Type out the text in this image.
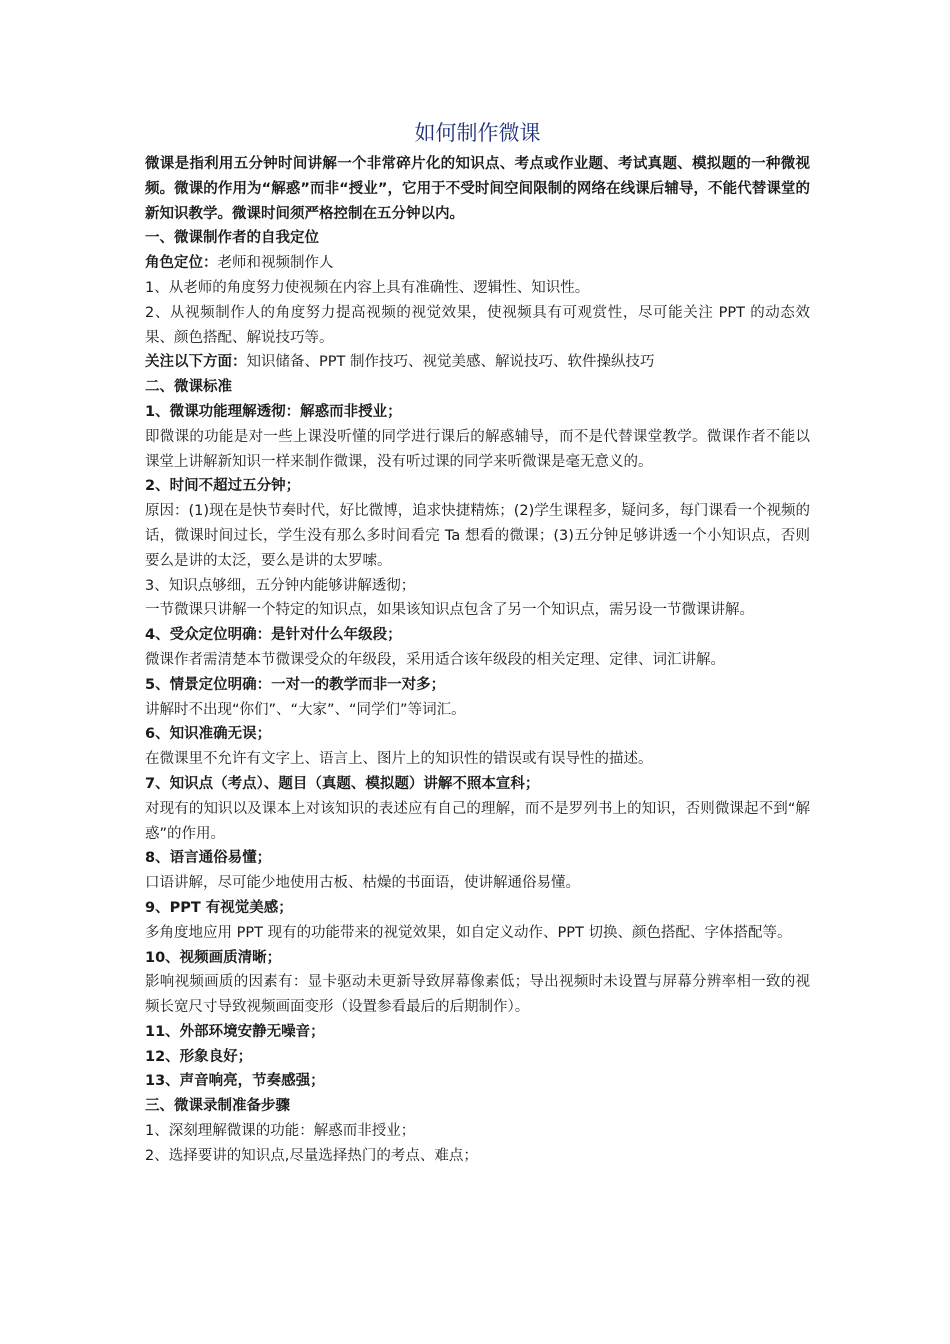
如何制作微课

微课是指利用五分钟时间讲解一个非常碎片化的知识点、考点或作业题、考试真题、模拟题的一种微视频。微课的作用为“解惑”而非“授业”，它用于不受时间空间限制的网络在线课后辅导，不能代替课堂的新知识教学。微课时间须严格控制在五分钟以内。

一、微课制作者的自我定位

角色定位：老师和视频制作人

1、从老师的角度努力使视频在内容上具有准确性、逻辑性、知识性。

2、从视频制作人的角度努力提高视频的视觉效果，使视频具有可观赏性，尽可能关注 PPT 的动态效果、颜色搭配、解说技巧等。

关注以下方面：知识储备、PPT 制作技巧、视觉美感、解说技巧、软件操纵技巧

二、微课标准

1、微课功能理解透彻：解惑而非授业；

即微课的功能是对一些上课没听懂的同学进行课后的解惑辅导，而不是代替课堂教学。微课作者不能以课堂上讲解新知识一样来制作微课，没有听过课的同学来听微课是毫无意义的。

2、时间不超过五分钟；

原因：(1)现在是快节奏时代，好比微博，追求快捷精炼；(2)学生课程多，疑问多，每门课看一个视频的话，微课时间过长，学生没有那么多时间看完 Ta 想看的微课；(3)五分钟足够讲透一个小知识点，否则要么是讲的太泛，要么是讲的太罗嗦。

3、知识点够细，五分钟内能够讲解透彻；

一节微课只讲解一个特定的知识点，如果该知识点包含了另一个知识点，需另设一节微课讲解。

4、受众定位明确：是针对什么年级段；

微课作者需清楚本节微课受众的年级段，采用适合该年级段的相关定理、定律、词汇讲解。

5、情景定位明确：一对一的教学而非一对多；

讲解时不出现“你们”、“大家”、“同学们”等词汇。

6、知识准确无误；

在微课里不允许有文字上、语言上、图片上的知识性的错误或有误导性的描述。

7、知识点（考点）、题目（真题、模拟题）讲解不照本宣科；

对现有的知识以及课本上对该知识的表述应有自己的理解，而不是罗列书上的知识，否则微课起不到“解惑”的作用。

8、语言通俗易懂；

口语讲解，尽可能少地使用古板、枯燥的书面语，使讲解通俗易懂。

9、PPT 有视觉美感；

多角度地应用 PPT 现有的功能带来的视觉效果，如自定义动作、PPT 切换、颜色搭配、字体搭配等。

10、视频画质清晰；

影响视频画质的因素有：显卡驱动未更新导致屏幕像素低；导出视频时未设置与屏幕分辨率相一致的视频长宽尺寸导致视频画面变形（设置参看最后的后期制作）。

11、外部环境安静无噪音；

12、形象良好；

13、声音响亮，节奏感强；

三、微课录制准备步骤

1、深刻理解微课的功能：解惑而非授业；

2、选择要讲的知识点,尽量选择热门的考点、难点；
